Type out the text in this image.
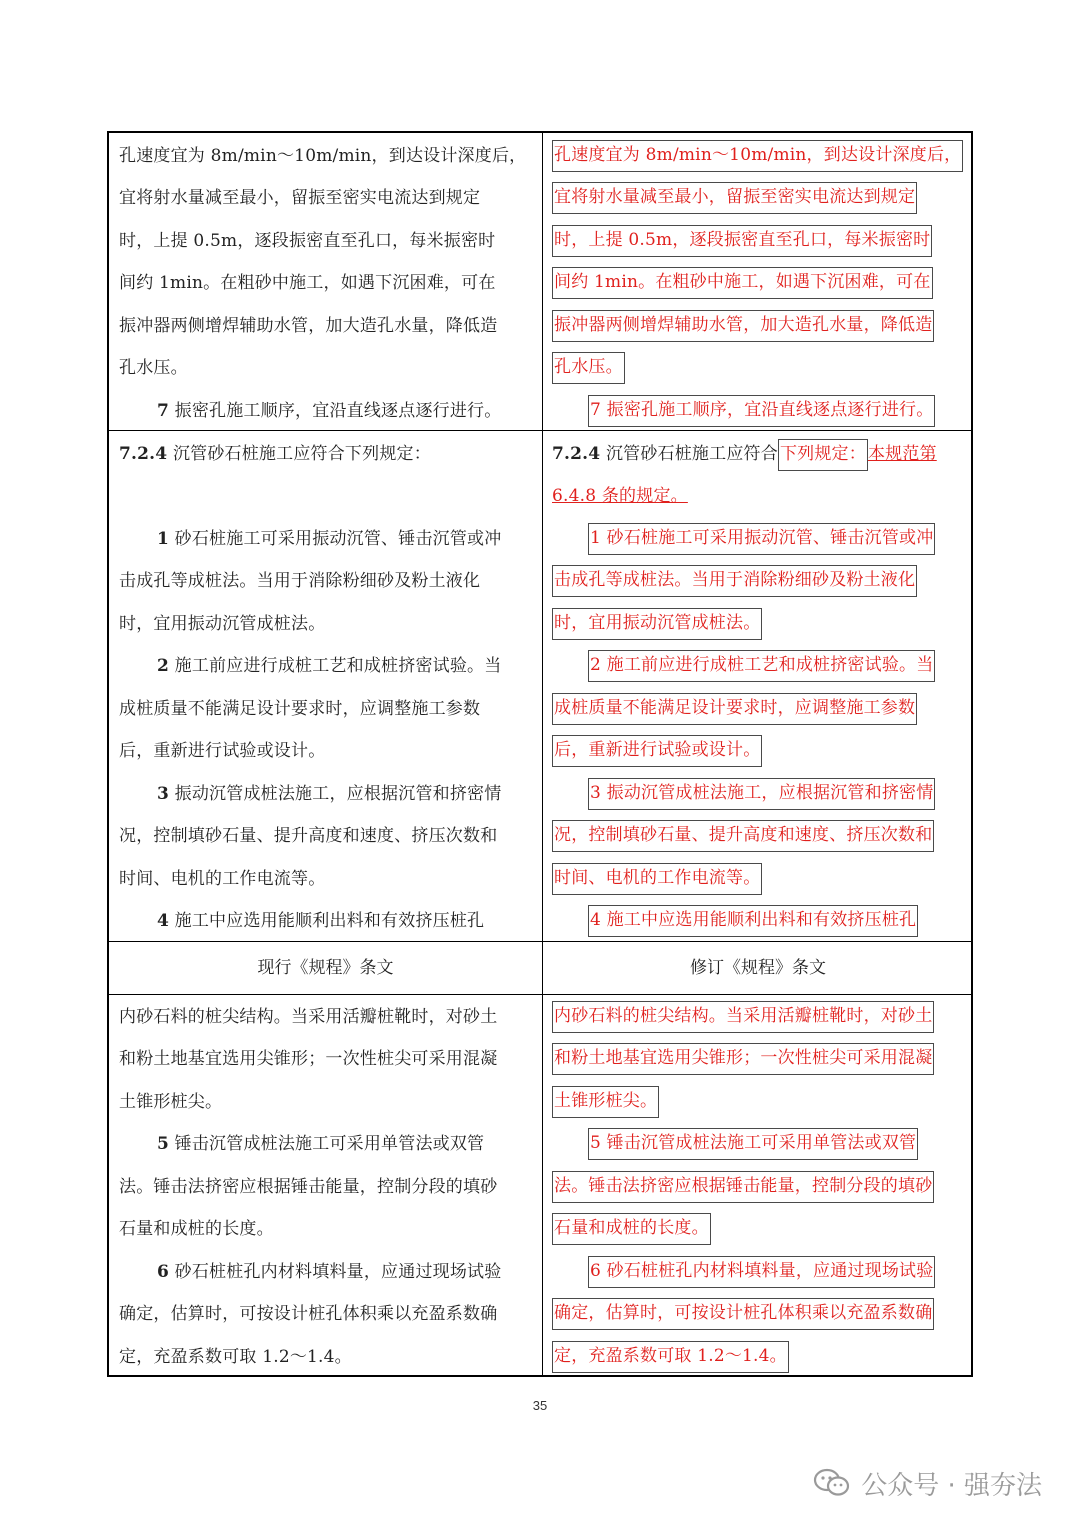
孔速度宜为 8m/min～10m/min，到达设计深度后，
宜将射水量减至最小，留振至密实电流达到规定
时，上提 0.5m，逐段振密直至孔口，每米振密时
间约 1min。在粗砂中施工，如遇下沉困难，可在
振冲器两侧增焊辅助水管，加大造孔水量，降低造
孔水压。
7 振密孔施工顺序，宜沿直线逐点逐行进行。
孔速度宜为 8m/min～10m/min，到达设计深度后，
宜将射水量减至最小，留振至密实电流达到规定
时，上提 0.5m，逐段振密直至孔口，每米振密时
间约 1min。在粗砂中施工，如遇下沉困难，可在
振冲器两侧增焊辅助水管，加大造孔水量，降低造
孔水压。
7 振密孔施工顺序，宜沿直线逐点逐行进行。
7.2.4 沉管砂石桩施工应符合下列规定：
1 砂石桩施工可采用振动沉管、锤击沉管或冲
击成孔等成桩法。当用于消除粉细砂及粉土液化
时，宜用振动沉管成桩法。
2 施工前应进行成桩工艺和成桩挤密试验。当
成桩质量不能满足设计要求时，应调整施工参数
后，重新进行试验或设计。
3 振动沉管成桩法施工，应根据沉管和挤密情
况，控制填砂石量、提升高度和速度、挤压次数和
时间、电机的工作电流等。
4 施工中应选用能顺利出料和有效挤压桩孔
7.2.4 沉管砂石桩施工应符合 下列规定： 本规范第
6.4.8 条的规定。
1 砂石桩施工可采用振动沉管、锤击沉管或冲
击成孔等成桩法。当用于消除粉细砂及粉土液化
时，宜用振动沉管成桩法。
2 施工前应进行成桩工艺和成桩挤密试验。当
成桩质量不能满足设计要求时，应调整施工参数
后，重新进行试验或设计。
3 振动沉管成桩法施工，应根据沉管和挤密情
况，控制填砂石量、提升高度和速度、挤压次数和
时间、电机的工作电流等。
4 施工中应选用能顺利出料和有效挤压桩孔
现行《规程》条文	修订《规程》条文
内砂石料的桩尖结构。当采用活瓣桩靴时，对砂土
和粉土地基宜选用尖锥形；一次性桩尖可采用混凝
土锥形桩尖。
5 锤击沉管成桩法施工可采用单管法或双管
法。锤击法挤密应根据锤击能量，控制分段的填砂
石量和成桩的长度。
6 砂石桩桩孔内材料填料量，应通过现场试验
确定，估算时，可按设计桩孔体积乘以充盈系数确
定，充盈系数可取 1.2～1.4。
内砂石料的桩尖结构。当采用活瓣桩靴时，对砂土
和粉土地基宜选用尖锥形；一次性桩尖可采用混凝
土锥形桩尖。
5 锤击沉管成桩法施工可采用单管法或双管
法。锤击法挤密应根据锤击能量，控制分段的填砂
石量和成桩的长度。
6 砂石桩桩孔内材料填料量，应通过现场试验
确定，估算时，可按设计桩孔体积乘以充盈系数确
定，充盈系数可取 1.2～1.4。
35
公众号 · 强夯法
